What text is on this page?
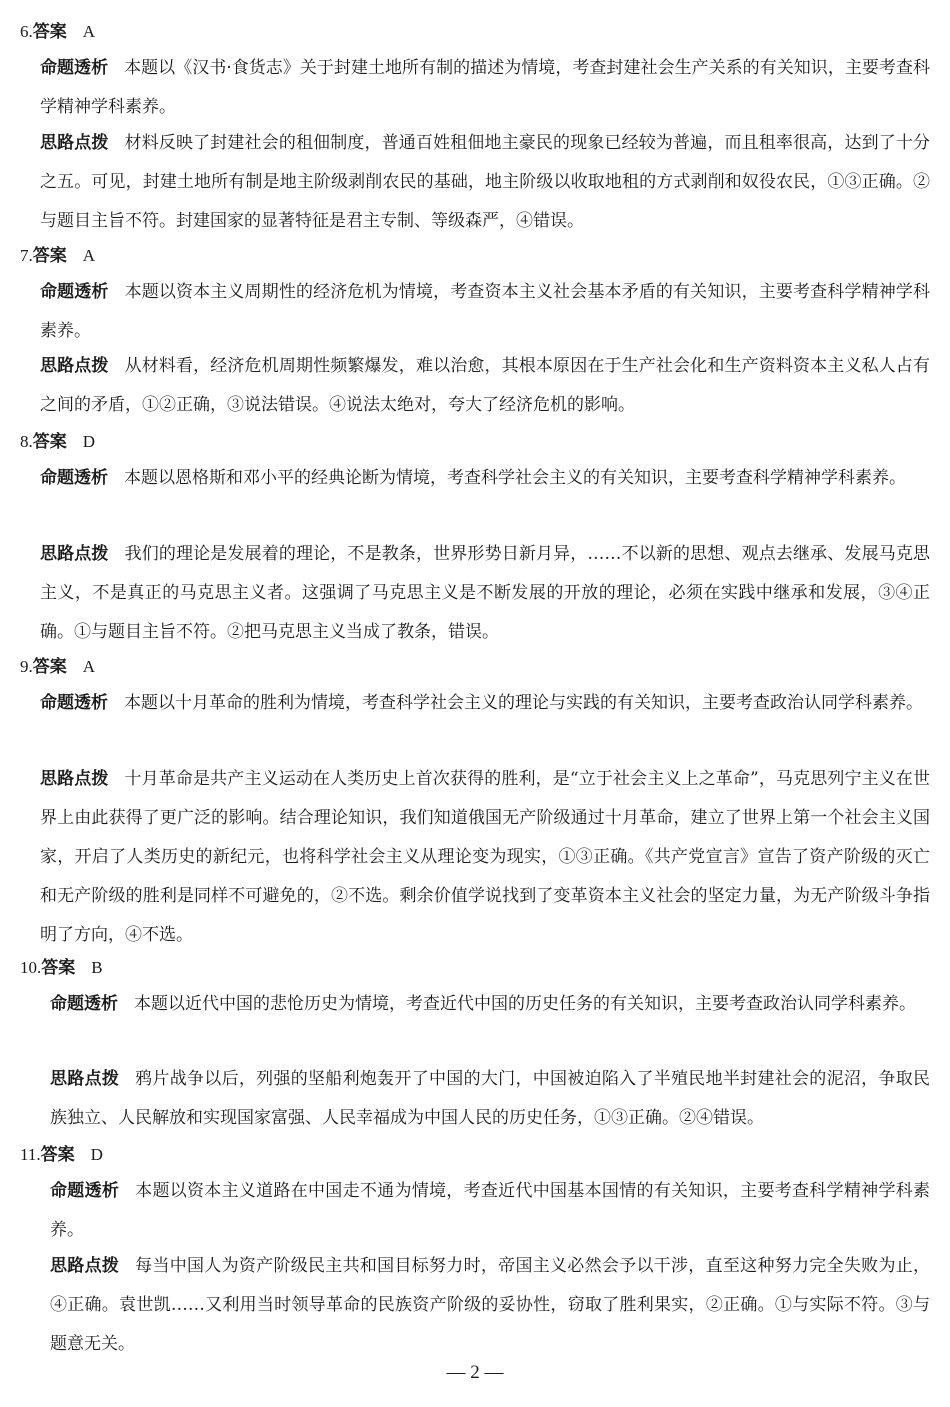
6.答案 A
命题透析 本题以《汉书·食货志》关于封建土地所有制的描述为情境，考查封建社会生产关系的有关知识，主要考查科学精神学科素养。
思路点拨 材料反映了封建社会的租佃制度，普通百姓租佃地主豪民的现象已经较为普遍，而且租率很高，达到了十分之五。可见，封建土地所有制是地主阶级剥削农民的基础，地主阶级以收取地租的方式剥削和奴役农民，①③正确。②与题目主旨不符。封建国家的显著特征是君主专制、等级森严，④错误。
7.答案 A
命题透析 本题以资本主义周期性的经济危机为情境，考查资本主义社会基本矛盾的有关知识，主要考查科学精神学科素养。
思路点拨 从材料看，经济危机周期性频繁爆发，难以治愈，其根本原因在于生产社会化和生产资料资本主义私人占有之间的矛盾，①②正确，③说法错误。④说法太绝对，夸大了经济危机的影响。
8.答案 D
命题透析 本题以恩格斯和邓小平的经典论断为情境，考查科学社会主义的有关知识，主要考查科学精神学科素养。
思路点拨 我们的理论是发展着的理论，不是教条，世界形势日新月异，……不以新的思想、观点去继承、发展马克思主义，不是真正的马克思主义者。这强调了马克思主义是不断发展的开放的理论，必须在实践中继承和发展，③④正确。①与题目主旨不符。②把马克思主义当成了教条，错误。
9.答案 A
命题透析 本题以十月革命的胜利为情境，考查科学社会主义的理论与实践的有关知识，主要考查政治认同学科素养。
思路点拨 十月革命是共产主义运动在人类历史上首次获得的胜利，是“立于社会主义上之革命”，马克思列宁主义在世界上由此获得了更广泛的影响。结合理论知识，我们知道俄国无产阶级通过十月革命，建立了世界上第一个社会主义国家，开启了人类历史的新纪元，也将科学社会主义从理论变为现实，①③正确。《共产党宣言》宣告了资产阶级的灭亡和无产阶级的胜利是同样不可避免的，②不选。剩余价值学说找到了变革资本主义社会的坚定力量，为无产阶级斗争指明了方向，④不选。
10.答案 B
命题透析 本题以近代中国的悲怆历史为情境，考查近代中国的历史任务的有关知识，主要考查政治认同学科素养。
思路点拨 鸦片战争以后，列强的坚船利炮轰开了中国的大门，中国被迫陷入了半殖民地半封建社会的泥沼，争取民族独立、人民解放和实现国家富强、人民幸福成为中国人民的历史任务，①③正确。②④错误。
11.答案 D
命题透析 本题以资本主义道路在中国走不通为情境，考查近代中国基本国情的有关知识，主要考查科学精神学科素养。
思路点拨 每当中国人为资产阶级民主共和国目标努力时，帝国主义必然会予以干涉，直至这种努力完全失败为止，④正确。袁世凯……又利用当时领导革命的民族资产阶级的妥协性，窃取了胜利果实，②正确。①与实际不符。③与题意无关。
— 2 —
